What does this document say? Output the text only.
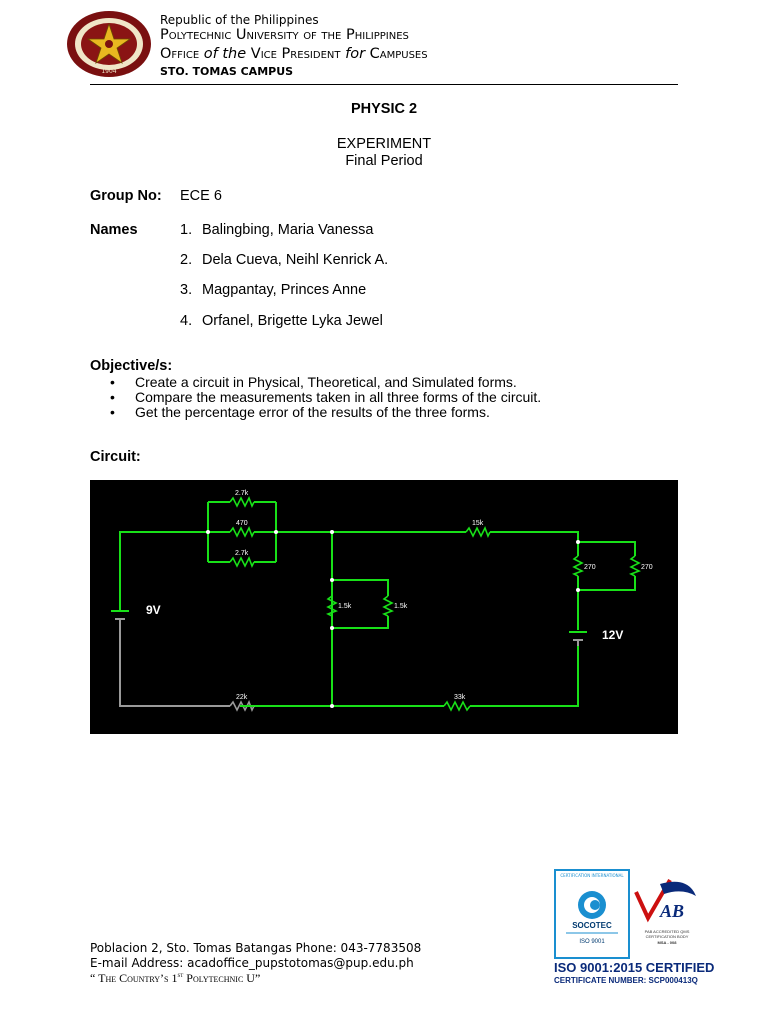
1904
Republic of the Philippines
Polytechnic University of the Philippines
Office of the Vice President for Campuses
STO. TOMAS CAMPUS
PHYSIC 2
EXPERIMENT
Final Period
Group No: ECE 6
Names	1. Balingbing, Maria Vanessa
2. Dela Cueva, Neihl Kenrick A.
3. Magpantay, Princes Anne
4. Orfanel, Brigette Lyka Jewel
Objective/s:
• Create a circuit in Physical, Theoretical, and Simulated forms.
• Compare the measurements taken in all three forms of the circuit.
• Get the percentage error of the results of the three forms.
Circuit:
2.7k
470
2.7k
15k
1.5k	1.5k
270	270
22k	33k
9V
12V
Poblacion 2, Sto. Tomas Batangas Phone: 043-7783508
E-mail Address: acadoffice_pupstotomas@pup.edu.ph
“ The Country’s 1st Polytechnic U”
CERTIFICATION INTERNATIONAL
SOCOTEC
ISO 9001
AB
PAB ACCREDITED QMS CERTIFICATION BODY
MSA - 008
ISO 9001:2015 CERTIFIED
CERTIFICATE NUMBER: SCP000413Q
